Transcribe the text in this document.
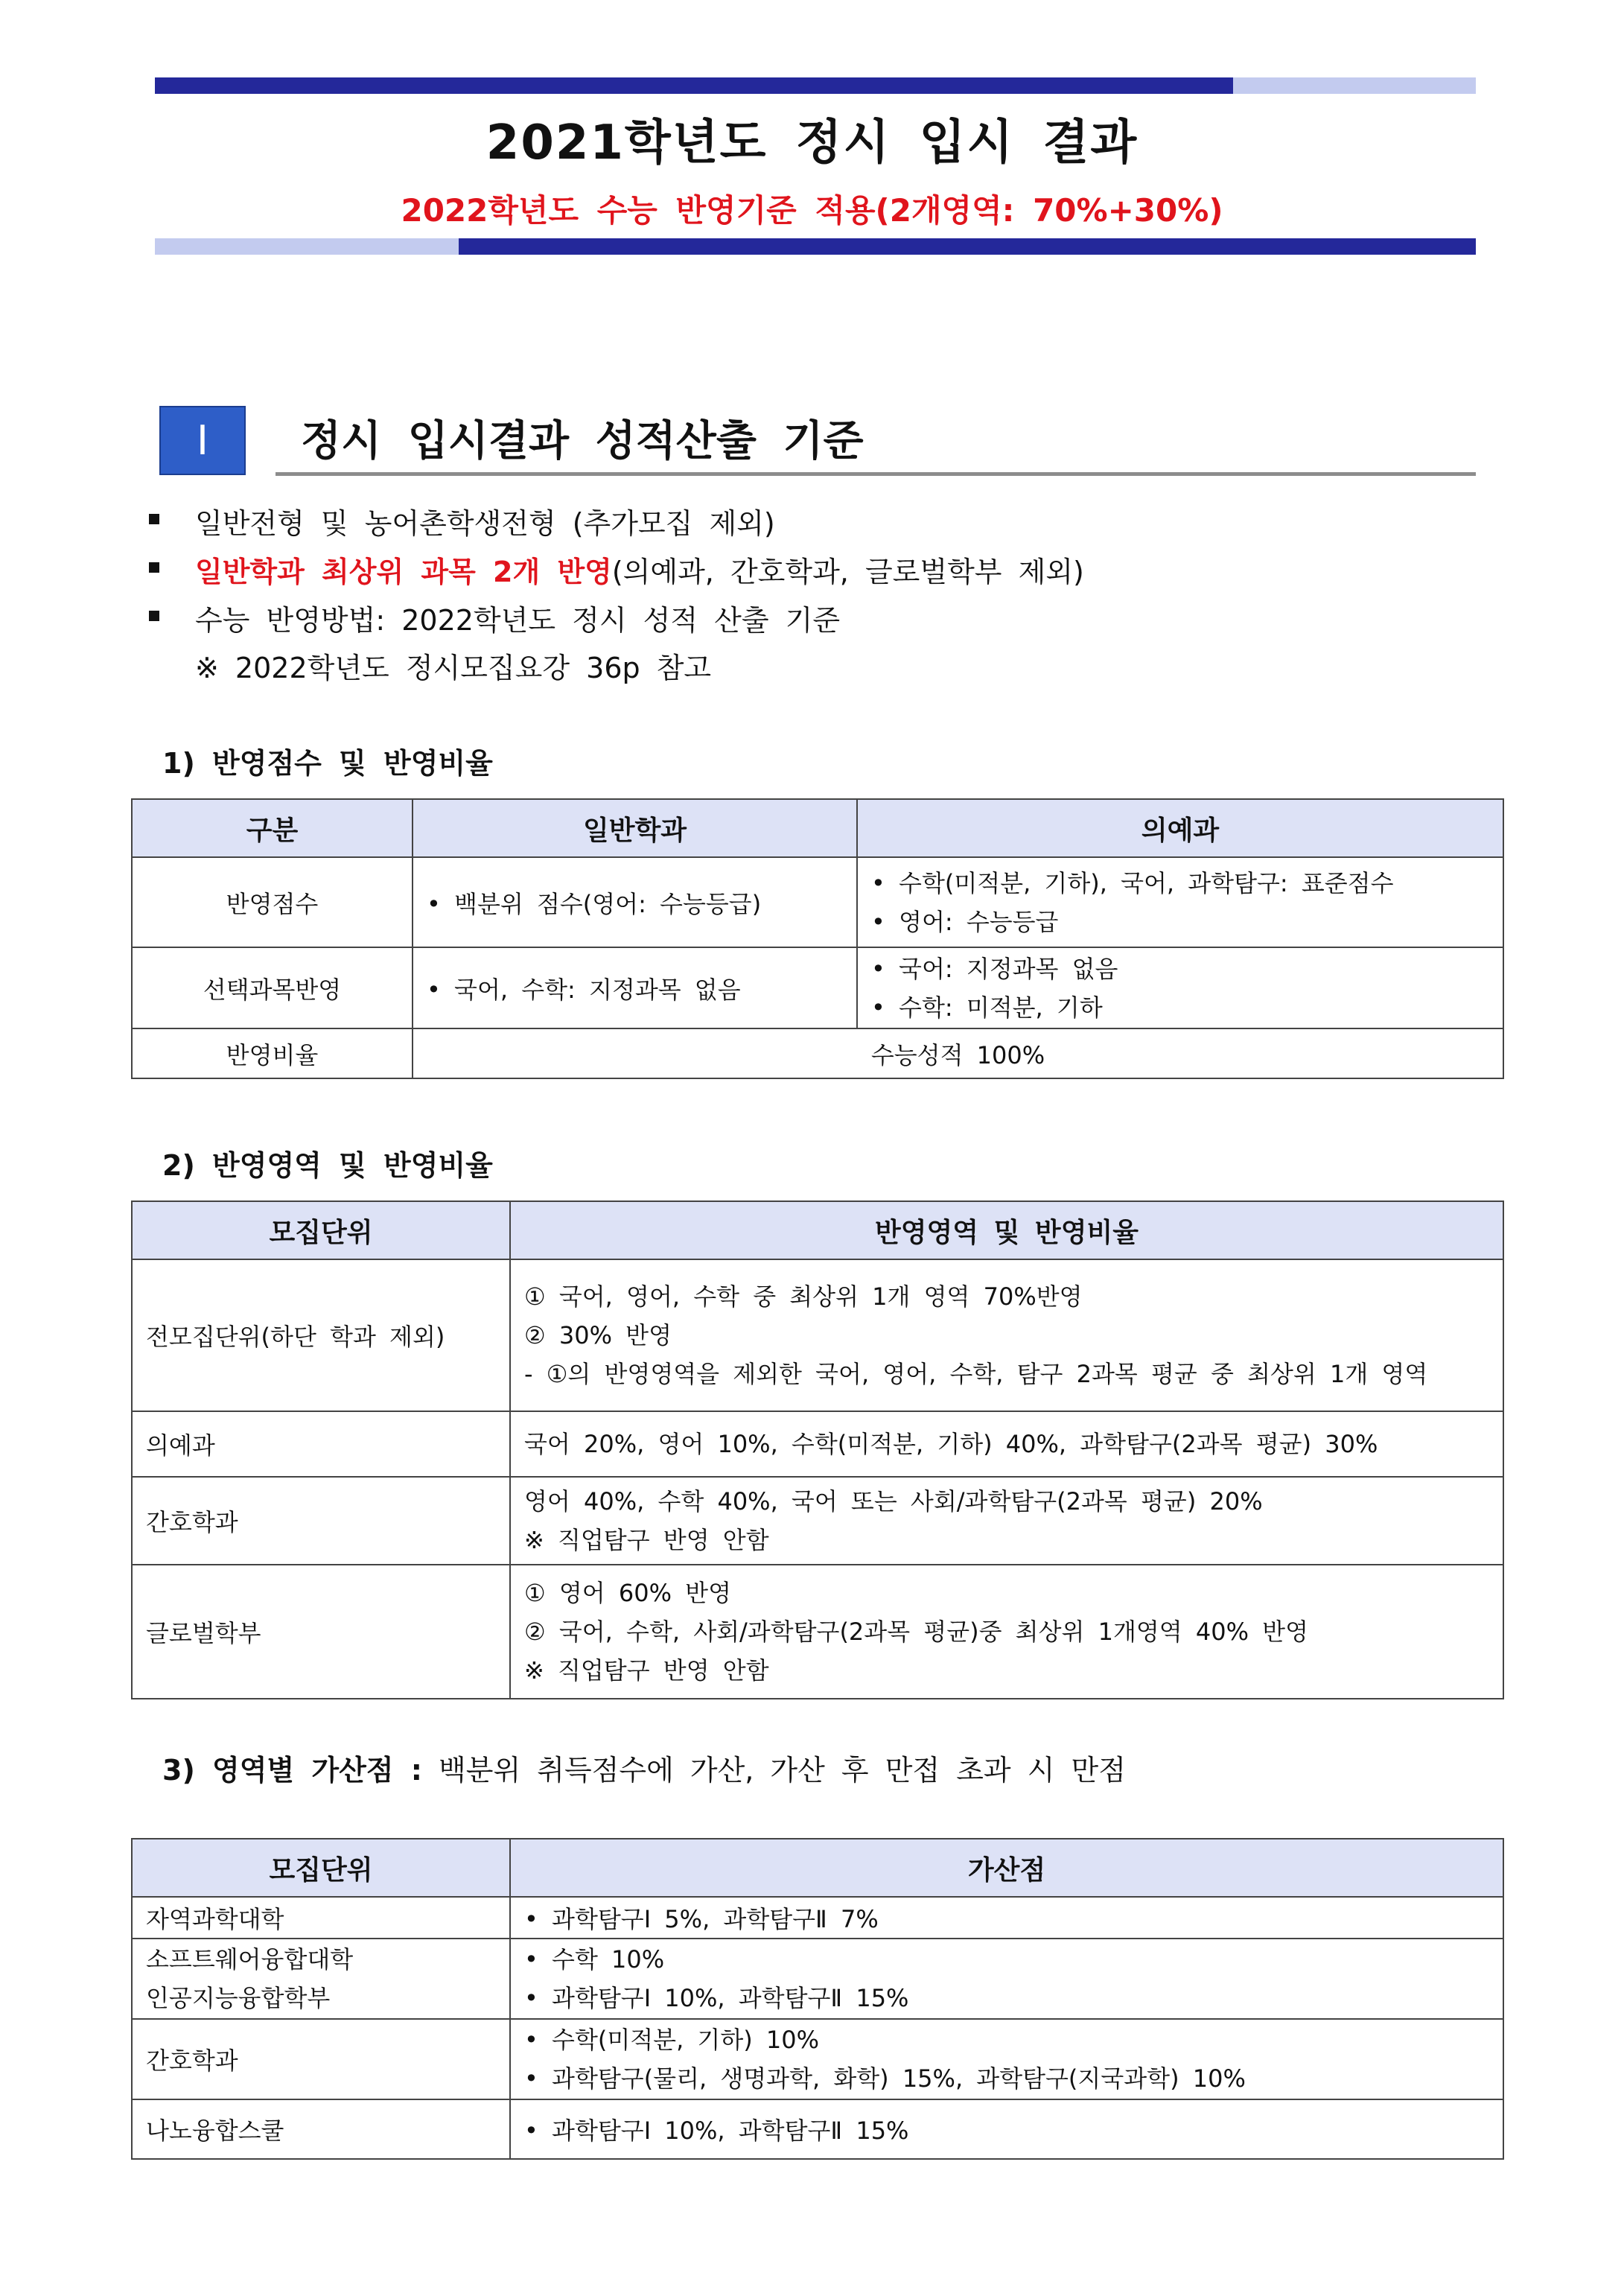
2021학년도 정시 입시 결과
2022학년도 수능 반영기준 적용(2개영역: 70%+30%)
Ⅰ	정시 입시결과 성적산출 기준
일반전형 및 농어촌학생전형 (추가모집 제외)
일반학과 최상위 과목 2개 반영(의예과, 간호학과, 글로벌학부 제외)
수능 반영방법: 2022학년도 정시 성적 산출 기준
※ 2022학년도 정시모집요강 36p 참고
1) 반영점수 및 반영비율
구분	일반학과	의예과
반영점수	• 백분위 점수(영어: 수능등급)	• 수학(미적분, 기하), 국어, 과학탐구: 표준점수
• 영어: 수능등급

선택과목반영	• 국어, 수학: 지정과목 없음	• 국어: 지정과목 없음
• 수학: 미적분, 기하

반영비율	수능성적 100%	
2) 반영영역 및 반영비율
모집단위	반영영역 및 반영비율
전모집단위(하단 학과 제외)	① 국어, 영어, 수학 중 최상위 1개 영역 70%반영
② 30% 반영
- ①의 반영영역을 제외한 국어, 영어, 수학, 탐구 2과목 평균 중 최상위 1개 영역

의예과	국어 20%, 영어 10%, 수학(미적분, 기하) 40%, 과학탐구(2과목 평균) 30%

간호학과	영어 40%, 수학 40%, 국어 또는 사회/과학탐구(2과목 평균) 20%
※ 직업탐구 반영 안함

글로벌학부	① 영어 60% 반영
② 국어, 수학, 사회/과학탐구(2과목 평균)중 최상위 1개영역 40% 반영
※ 직업탐구 반영 안함
3) 영역별 가산점 : 백분위 취득점수에 가산, 가산 후 만접 초과 시 만점
모집단위	가산점
자역과학대학	• 과학탐구Ⅰ 5%, 과학탐구Ⅱ 7%

소프트웨어융합대학
인공지능융합학부	• 수학 10%
• 과학탐구Ⅰ 10%, 과학탐구Ⅱ 15%

간호학과	• 수학(미적분, 기하) 10%
• 과학탐구(물리, 생명과학, 화학) 15%, 과학탐구(지국과학) 10%

나노융합스쿨	• 과학탐구Ⅰ 10%, 과학탐구Ⅱ 15%
